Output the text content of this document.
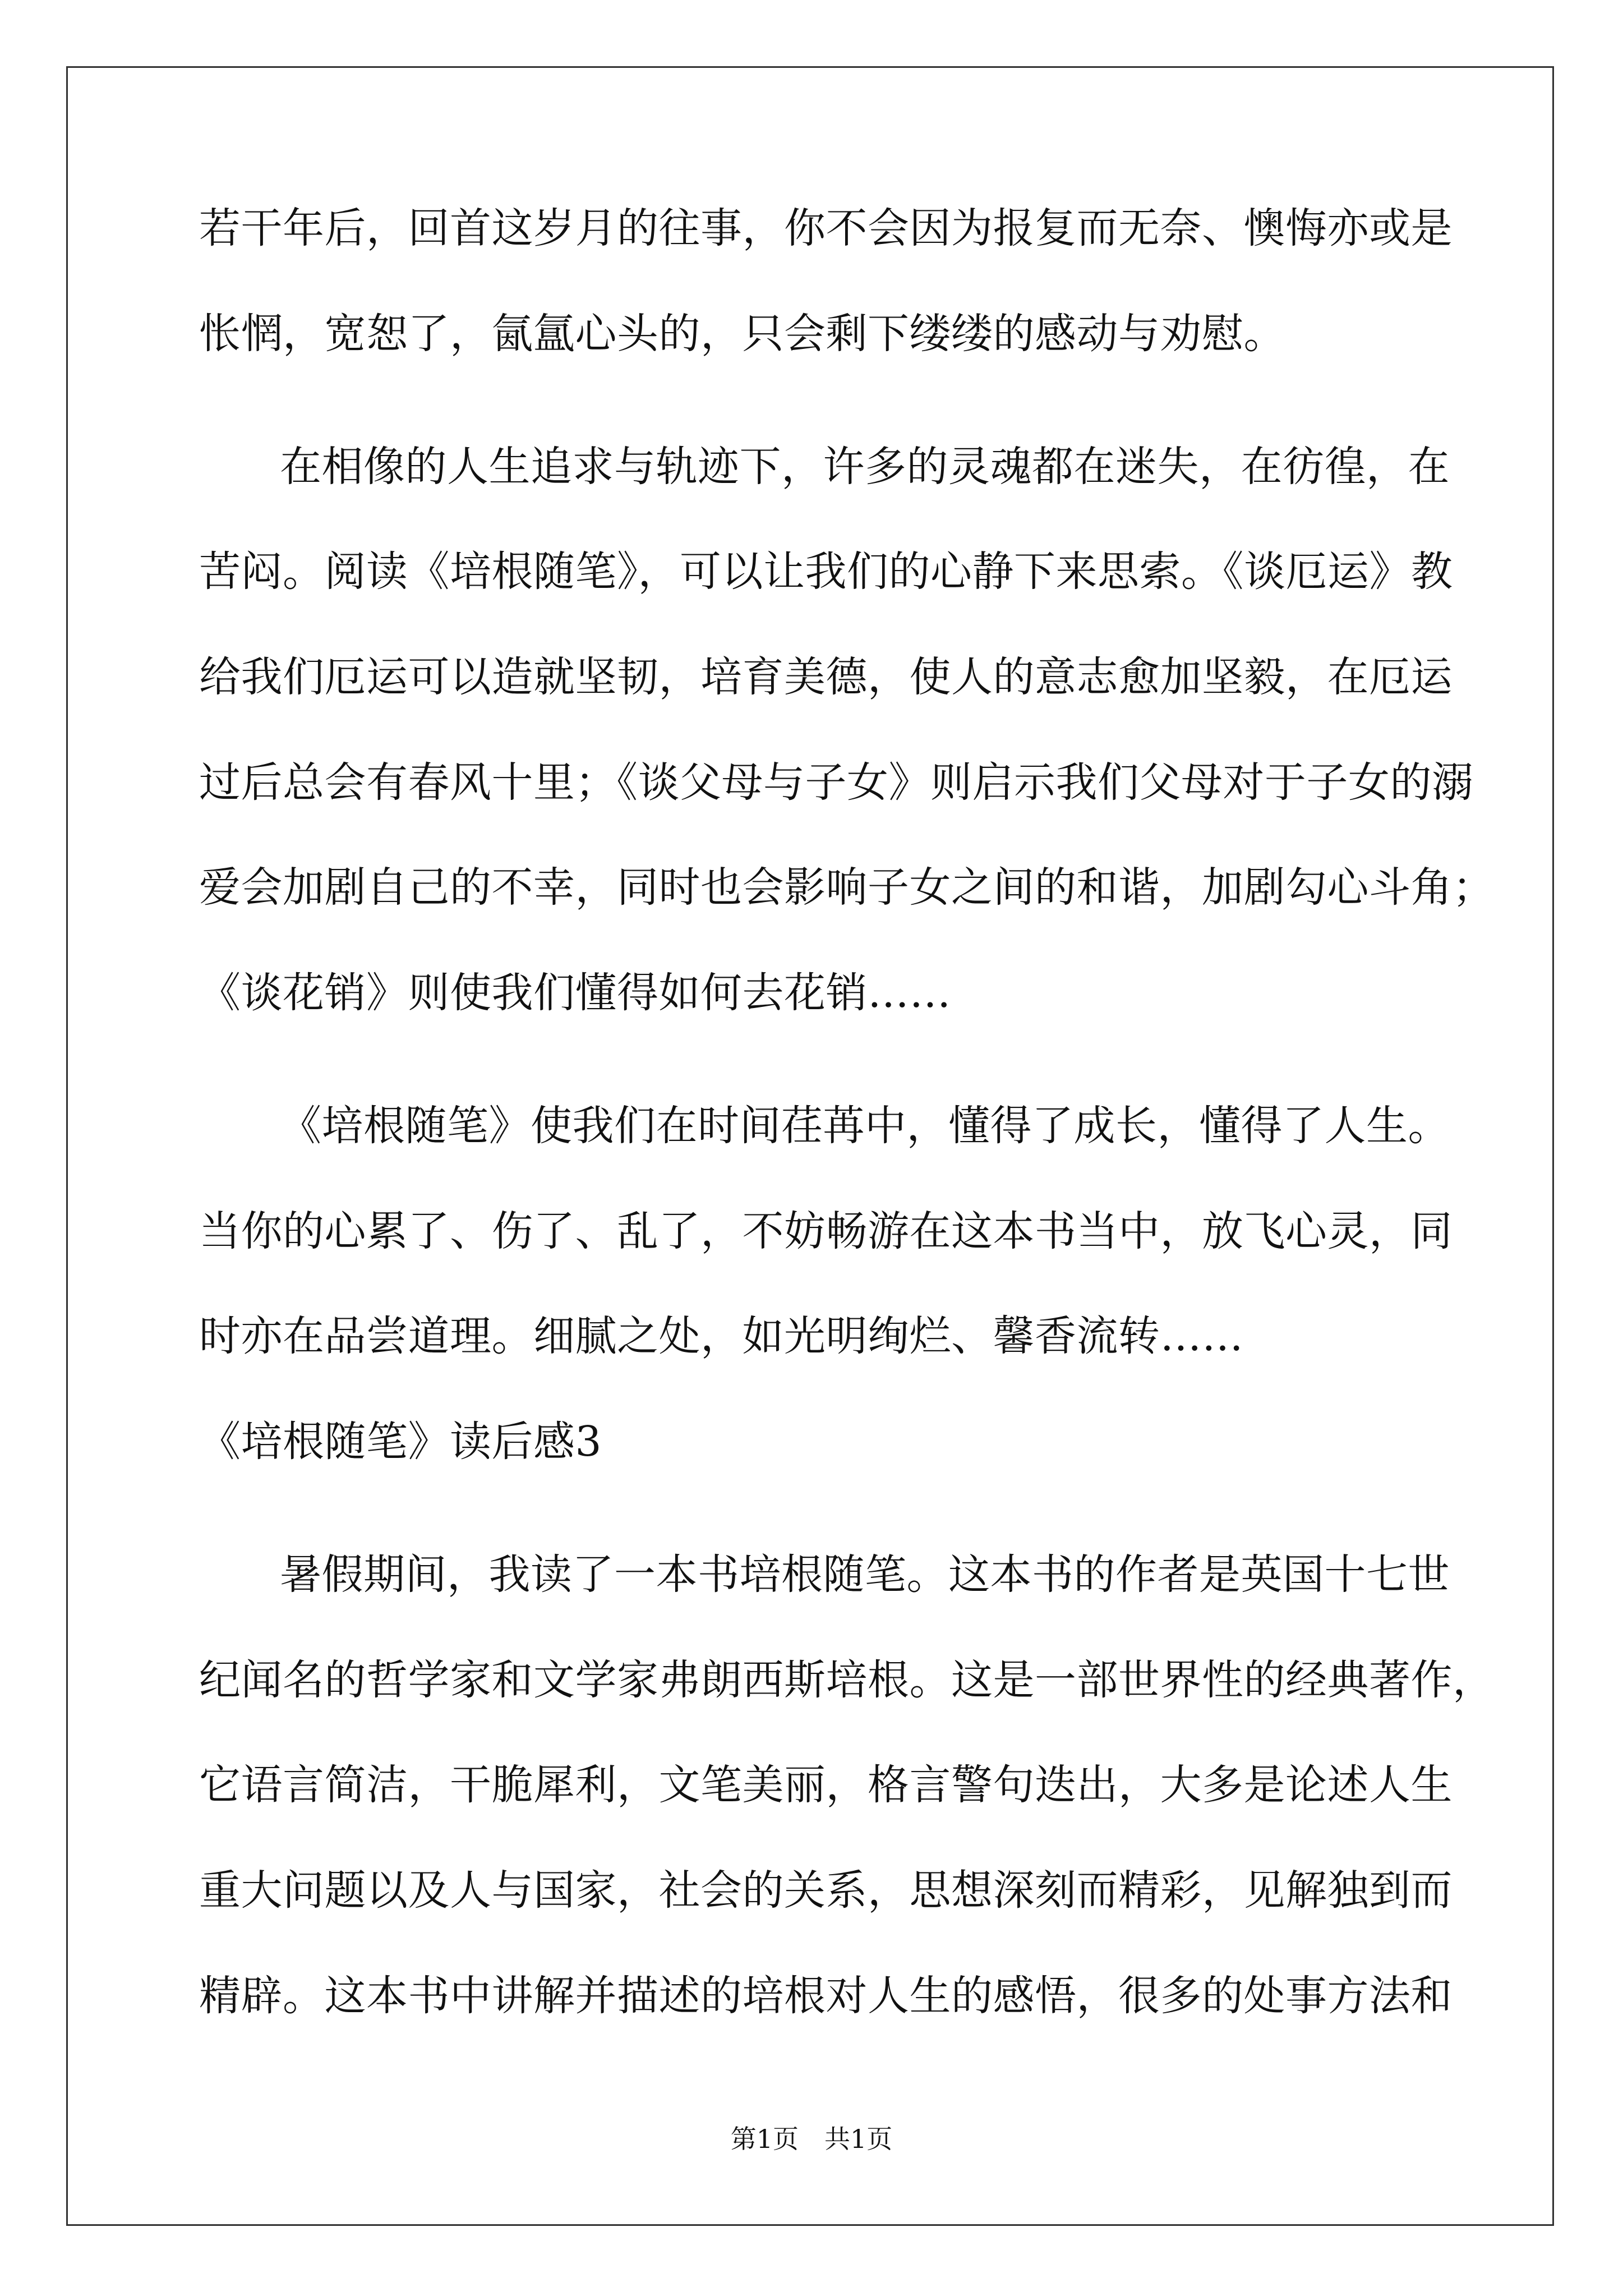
若干年后，回首这岁月的往事，你不会因为报复而无奈、懊悔亦或是
怅惘，宽恕了，氤氲心头的，只会剩下缕缕的感动与劝慰。
在相像的人生追求与轨迹下，许多的灵魂都在迷失，在彷徨，在
苦闷。阅读《培根随笔》，可以让我们的心静下来思索。《谈厄运》教
给我们厄运可以造就坚韧，培育美德，使人的意志愈加坚毅，在厄运
过后总会有春风十里；《谈父母与子女》则启示我们父母对于子女的溺
爱会加剧自己的不幸，同时也会影响子女之间的和谐，加剧勾心斗角；
《谈花销》则使我们懂得如何去花销……
《培根随笔》使我们在时间荏苒中，懂得了成长，懂得了人生。
当你的心累了、伤了、乱了，不妨畅游在这本书当中，放飞心灵，同
时亦在品尝道理。细腻之处，如光明绚烂、馨香流转……
《培根随笔》读后感3
暑假期间，我读了一本书培根随笔。这本书的作者是英国十七世
纪闻名的哲学家和文学家弗朗西斯培根。这是一部世界性的经典著作，
它语言简洁，干脆犀利，文笔美丽，格言警句迭出，大多是论述人生
重大问题以及人与国家，社会的关系，思想深刻而精彩，见解独到而
精辟。这本书中讲解并描述的培根对人生的感悟，很多的处事方法和
第1页　共1页
